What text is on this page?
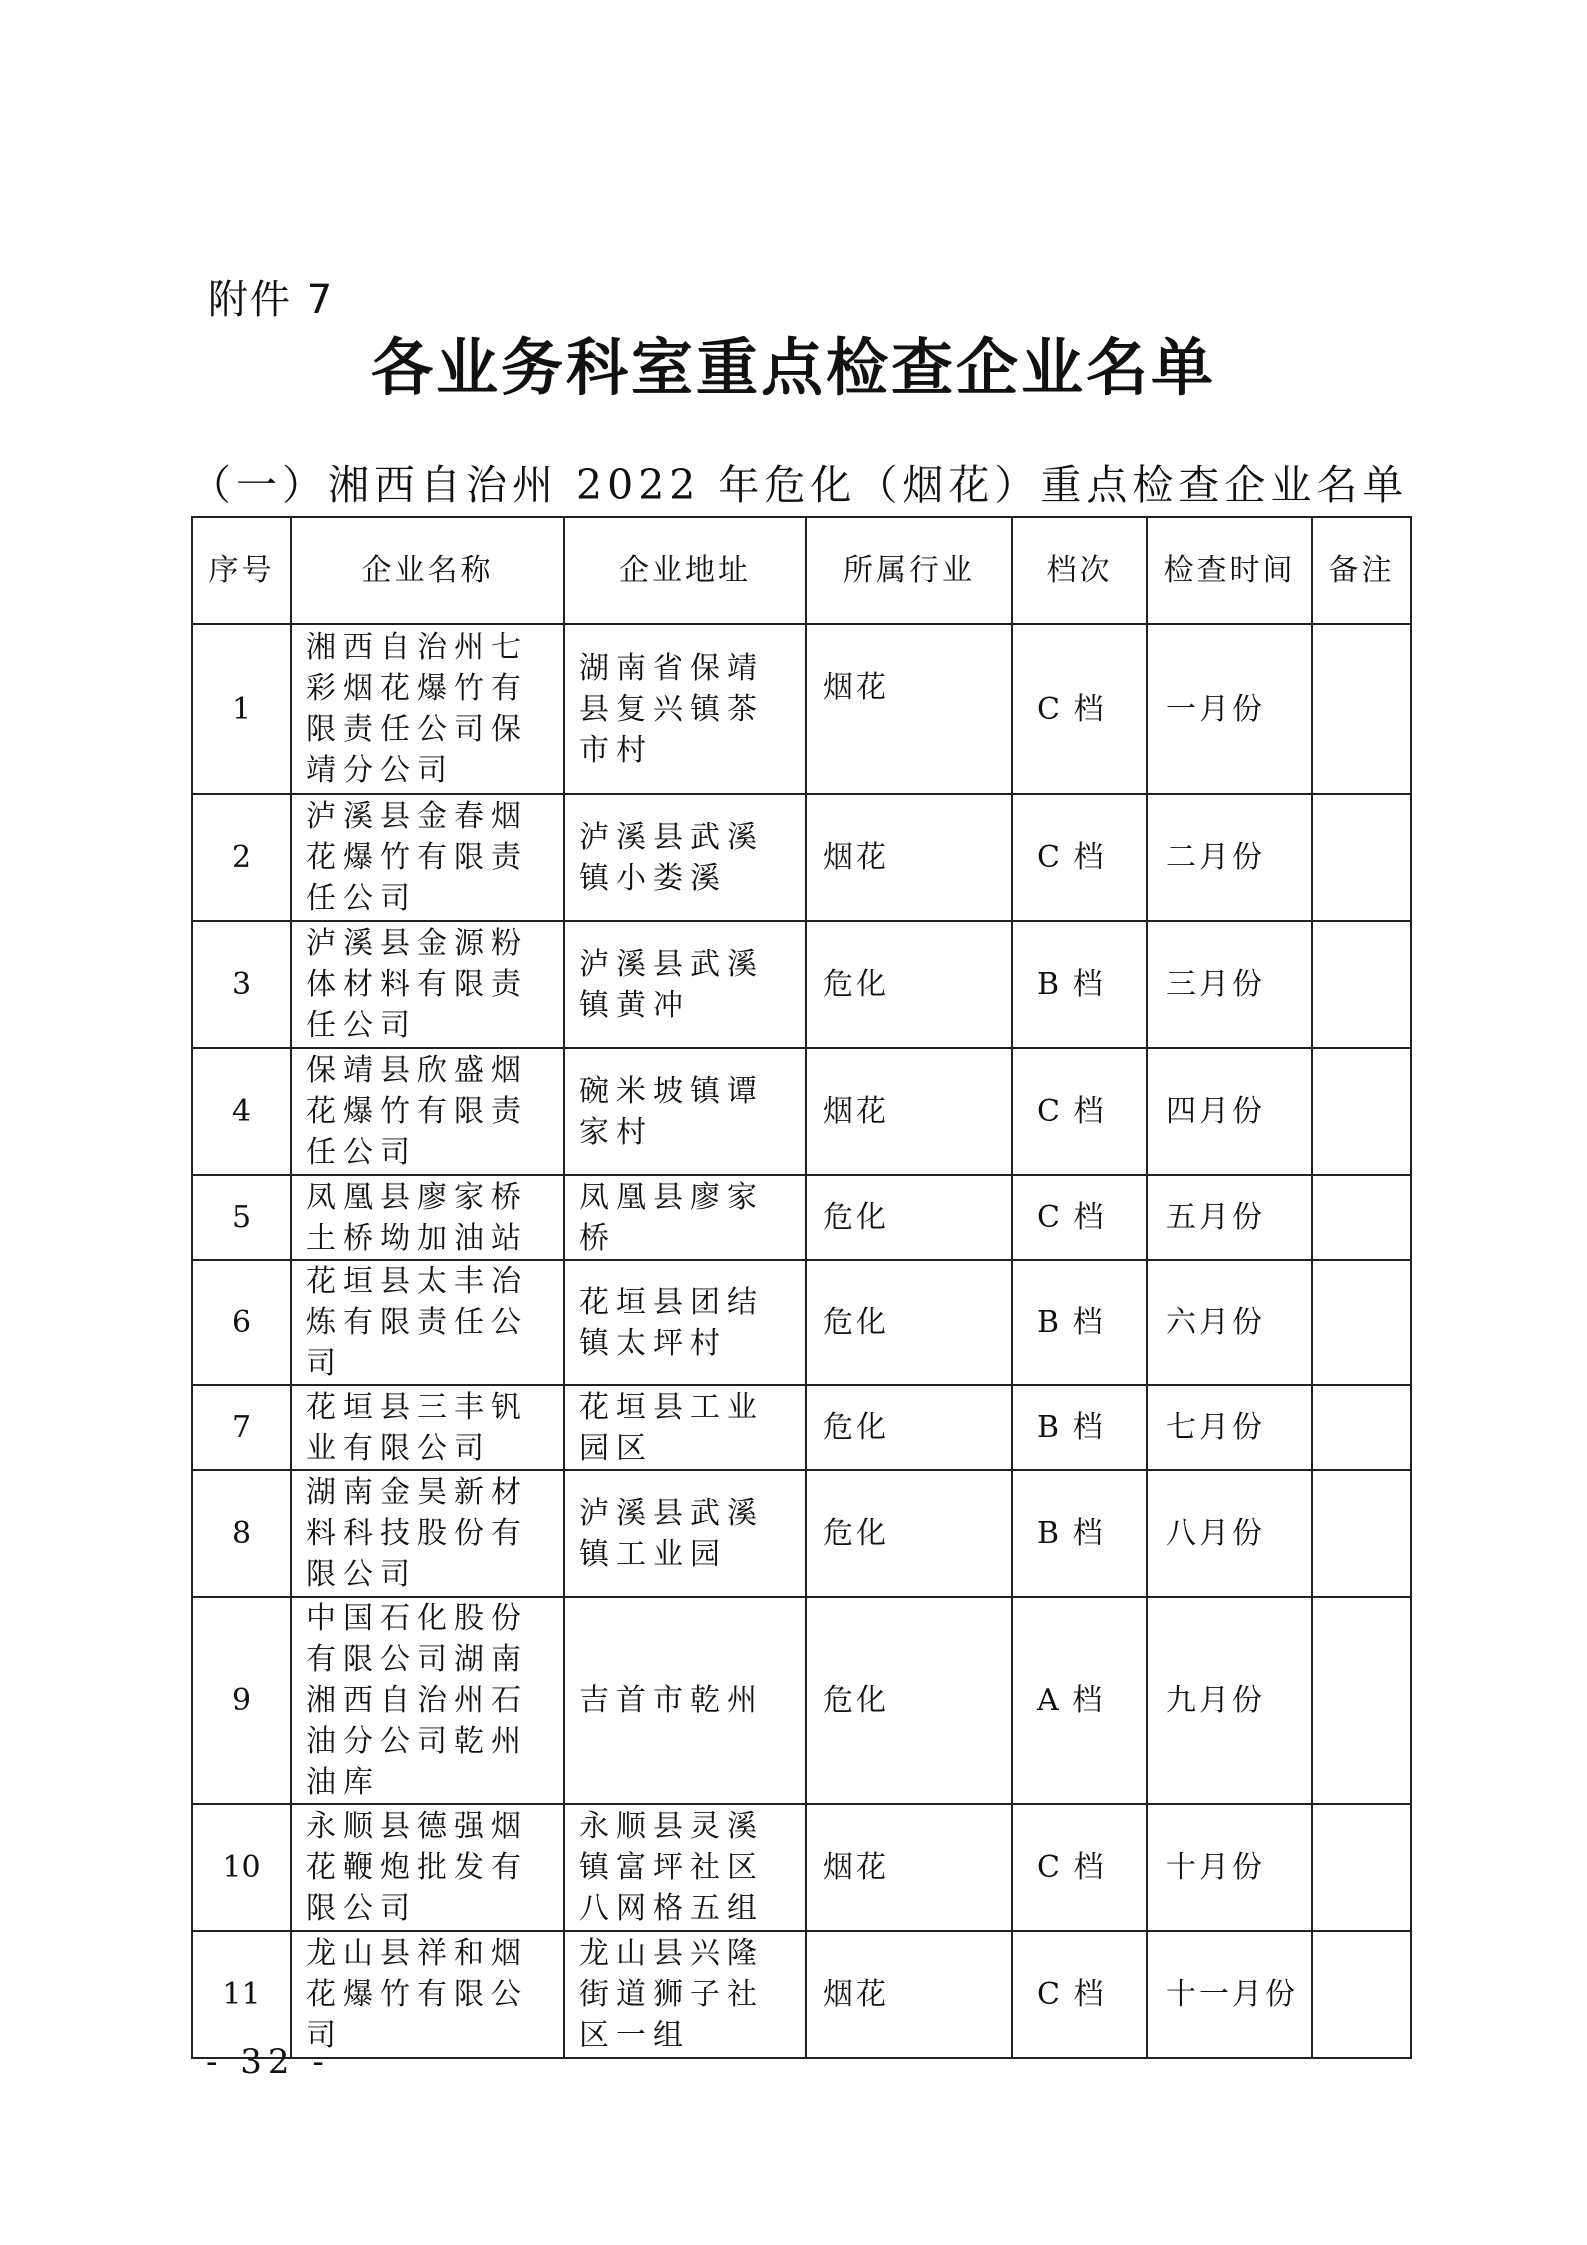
附件 7
各业务科室重点检查企业名单
（一）湘西自治州 2022 年危化（烟花）重点检查企业名单
序号	企业名称	企业地址	所属行业	档次	检查时间	备注
1	湘西自治州七彩烟花爆竹有限责任公司保靖分公司	湖南省保靖县复兴镇茶市村	烟花	C 档	一月份	
2	泸溪县金春烟花爆竹有限责任公司	泸溪县武溪镇小娄溪	烟花	C 档	二月份	
3	泸溪县金源粉体材料有限责任公司	泸溪县武溪镇黄冲	危化	B 档	三月份	
4	保靖县欣盛烟花爆竹有限责任公司	碗米坡镇谭家村	烟花	C 档	四月份	
5	凤凰县廖家桥土桥坳加油站	凤凰县廖家桥	危化	C 档	五月份	
6	花垣县太丰冶炼有限责任公司	花垣县团结镇太坪村	危化	B 档	六月份	
7	花垣县三丰钒业有限公司	花垣县工业园区	危化	B 档	七月份	
8	湖南金昊新材料科技股份有限公司	泸溪县武溪镇工业园	危化	B 档	八月份	
9	中国石化股份有限公司湖南湘西自治州石油分公司乾州油库	吉首市乾州	危化	A 档	九月份	
10	永顺县德强烟花鞭炮批发有限公司	永顺县灵溪镇富坪社区八网格五组	烟花	C 档	十月份	
11	龙山县祥和烟花爆竹有限公司	龙山县兴隆街道狮子社区一组	烟花	C 档	十一月份	
- 32 -
